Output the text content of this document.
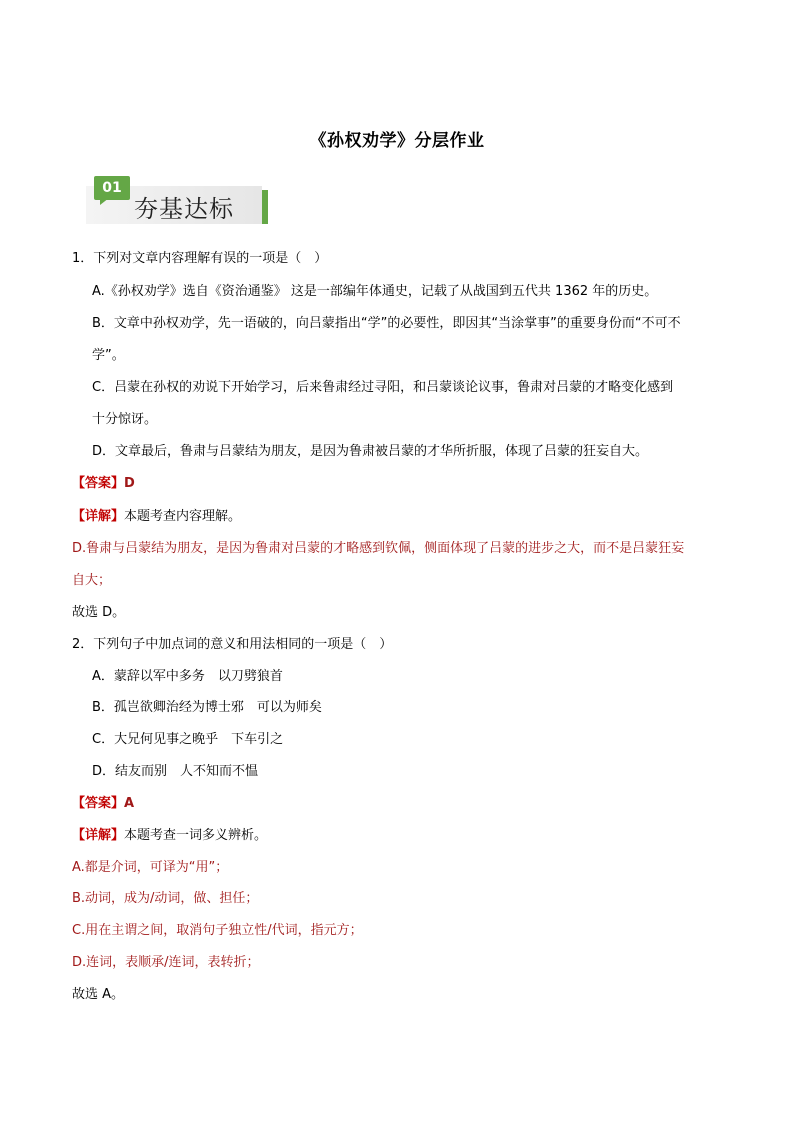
《孙权劝学》分层作业
01
夯基达标
1．下列对文章内容理解有误的一项是（　）
A.《孙权劝学》选自《资治通鉴》 这是一部编年体通史，记载了从战国到五代共 1362 年的历史。
B．文章中孙权劝学，先一语破的，向吕蒙指出“学”的必要性，即因其“当涂掌事”的重要身份而“不可不
学”。
C．吕蒙在孙权的劝说下开始学习，后来鲁肃经过寻阳，和吕蒙谈论议事，鲁肃对吕蒙的才略变化感到
十分惊讶。
D．文章最后，鲁肃与吕蒙结为朋友，是因为鲁肃被吕蒙的才华所折服，体现了吕蒙的狂妄自大。
【答案】D
【详解】本题考查内容理解。
D.鲁肃与吕蒙结为朋友，是因为鲁肃对吕蒙的才略感到钦佩，侧面体现了吕蒙的进步之大，而不是吕蒙狂妄
自大；
故选 D。
2．下列句子中加点词的意义和用法相同的一项是（　）
A．蒙辞以军中多务　以刀劈狼首
B．孤岂欲卿治经为博士邪　可以为师矣
C．大兄何见事之晚乎　下车引之
D．结友而别　人不知而不愠
【答案】A
【详解】本题考查一词多义辨析。
A.都是介词，可译为“用”；
B.动词，成为/动词，做、担任；
C.用在主谓之间，取消句子独立性/代词，指元方；
D.连词，表顺承/连词，表转折；
故选 A。
